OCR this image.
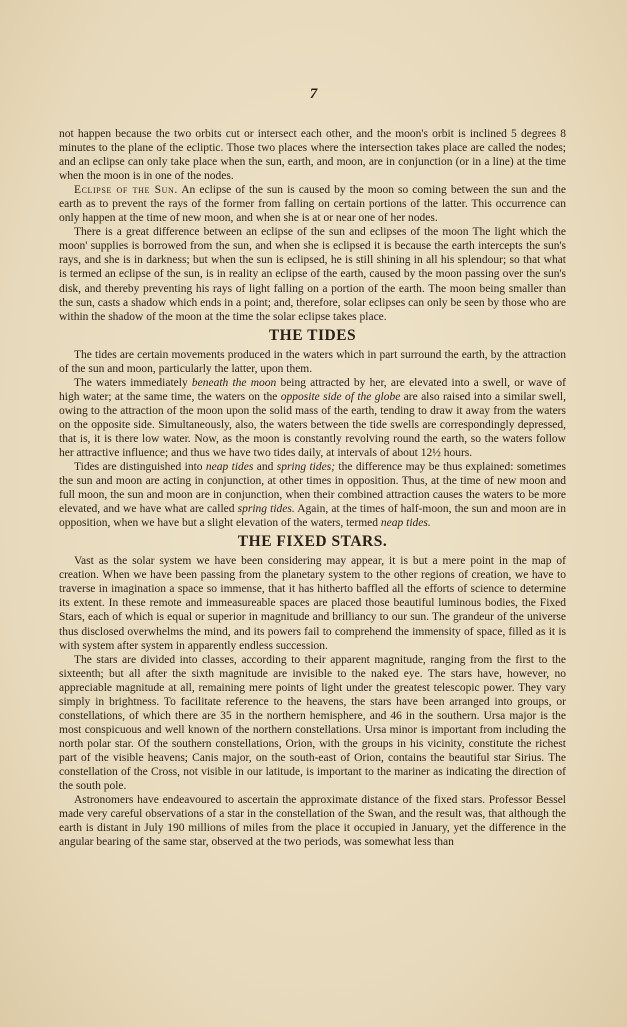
7

not happen because the two orbits cut or intersect each other, and the moon's orbit is inclined 5 degrees 8 minutes to the plane of the ecliptic. Those two places where the intersection takes place are called the nodes; and an eclipse can only take place when the sun, earth, and moon, are in conjunction (or in a line) at the time when the moon is in one of the nodes.

Eclipse of the Sun. An eclipse of the sun is caused by the moon so coming between the sun and the earth as to prevent the rays of the former from falling on certain portions of the latter. This occurrence can only happen at the time of new moon, and when she is at or near one of her nodes.

There is a great difference between an eclipse of the sun and eclipses of the moon The light which the moon' supplies is borrowed from the sun, and when she is eclipsed it is because the earth intercepts the sun's rays, and she is in darkness; but when the sun is eclipsed, he is still shining in all his splendour; so that what is termed an eclipse of the sun, is in reality an eclipse of the earth, caused by the moon passing over the sun's disk, and thereby preventing his rays of light falling on a portion of the earth. The moon being smaller than the sun, casts a shadow which ends in a point; and, therefore, solar eclipses can only be seen by those who are within the shadow of the moon at the time the solar eclipse takes place.

THE TIDES

The tides are certain movements produced in the waters which in part surround the earth, by the attraction of the sun and moon, particularly the latter, upon them.

The waters immediately beneath the moon being attracted by her, are elevated into a swell, or wave of high water; at the same time, the waters on the opposite side of the globe are also raised into a similar swell, owing to the attraction of the moon upon the solid mass of the earth, tending to draw it away from the waters on the opposite side. Simultaneously, also, the waters between the tide swells are correspondingly depressed, that is, it is there low water. Now, as the moon is constantly revolving round the earth, so the waters follow her attractive influence; and thus we have two tides daily, at intervals of about 12½ hours.

Tides are distinguished into neap tides and spring tides; the difference may be thus explained: sometimes the sun and moon are acting in conjunction, at other times in opposition. Thus, at the time of new moon and full moon, the sun and moon are in conjunction, when their combined attraction causes the waters to be more elevated, and we have what are called spring tides. Again, at the times of half-moon, the sun and moon are in opposition, when we have but a slight elevation of the waters, termed neap tides.

THE FIXED STARS.

Vast as the solar system we have been considering may appear, it is but a mere point in the map of creation. When we have been passing from the planetary system to the other regions of creation, we have to traverse in imagination a space so immense, that it has hitherto baffled all the efforts of science to determine its extent. In these remote and immeasureable spaces are placed those beautiful luminous bodies, the Fixed Stars, each of which is equal or superior in magnitude and brilliancy to our sun. The grandeur of the universe thus disclosed overwhelms the mind, and its powers fail to comprehend the immensity of space, filled as it is with system after system in apparently endless succession.

The stars are divided into classes, according to their apparent magnitude, ranging from the first to the sixteenth; but all after the sixth magnitude are invisible to the naked eye. The stars have, however, no appreciable magnitude at all, remaining mere points of light under the greatest telescopic power. They vary simply in brightness. To facilitate reference to the heavens, the stars have been arranged into groups, or constellations, of which there are 35 in the northern hemisphere, and 46 in the southern. Ursa major is the most conspicuous and well known of the northern constellations. Ursa minor is important from including the north polar star. Of the southern constellations, Orion, with the groups in his vicinity, constitute the richest part of the visible heavens; Canis major, on the south-east of Orion, contains the beautiful star Sirius. The constellation of the Cross, not visible in our latitude, is important to the mariner as indicating the direction of the south pole.

Astronomers have endeavoured to ascertain the approximate distance of the fixed stars. Professor Bessel made very careful observations of a star in the constellation of the Swan, and the result was, that although the earth is distant in July 190 millions of miles from the place it occupied in January, yet the difference in the angular bearing of the same star, observed at the two periods, was somewhat less than
